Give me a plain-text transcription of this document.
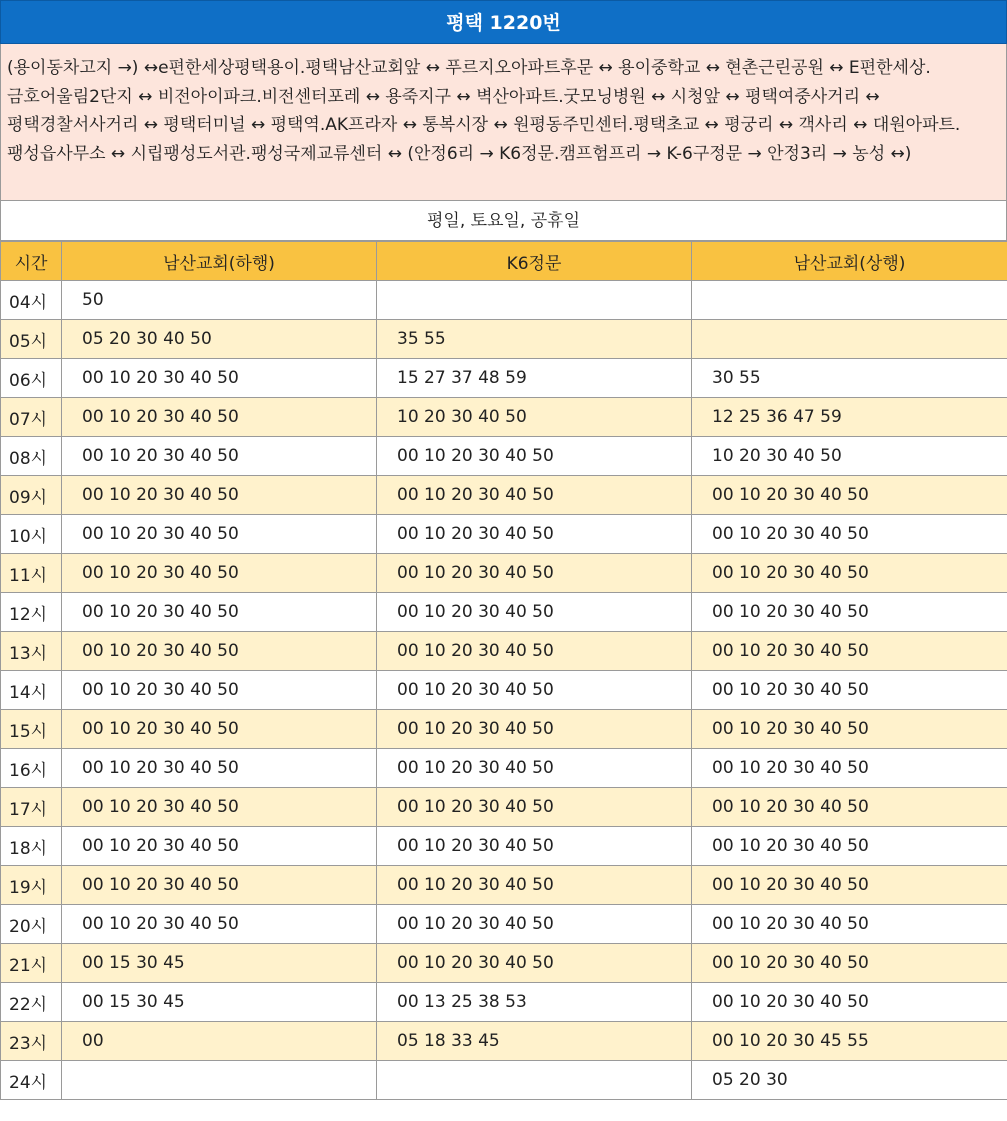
평택 1220번
(용이동차고지 →) ↔e편한세상평택용이.평택남산교회앞 ↔ 푸르지오아파트후문 ↔ 용이중학교 ↔ 현촌근린공원 ↔ E편한세상.금호어울림2단지 ↔ 비전아이파크.비전센터포레 ↔ 용죽지구 ↔ 벽산아파트.굿모닝병원 ↔ 시청앞 ↔ 평택여중사거리 ↔ 평택경찰서사거리 ↔ 평택터미널 ↔ 평택역.AK프라자 ↔ 통복시장 ↔ 원평동주민센터.평택초교 ↔ 평궁리 ↔ 객사리 ↔ 대원아파트.팽성읍사무소 ↔ 시립팽성도서관.팽성국제교류센터 ↔ (안정6리 → K6정문.캠프험프리 → K-6구정문 → 안정3리 → 농성 ↔)
평일, 토요일, 공휴일
시간	남산교회(하행)	K6정문	남산교회(상행)
04시	50		
05시	05 20 30 40 50	35 55	
06시	00 10 20 30 40 50	15 27 37 48 59	30 55
07시	00 10 20 30 40 50	10 20 30 40 50	12 25 36 47 59
08시	00 10 20 30 40 50	00 10 20 30 40 50	10 20 30 40 50
09시	00 10 20 30 40 50	00 10 20 30 40 50	00 10 20 30 40 50
10시	00 10 20 30 40 50	00 10 20 30 40 50	00 10 20 30 40 50
11시	00 10 20 30 40 50	00 10 20 30 40 50	00 10 20 30 40 50
12시	00 10 20 30 40 50	00 10 20 30 40 50	00 10 20 30 40 50
13시	00 10 20 30 40 50	00 10 20 30 40 50	00 10 20 30 40 50
14시	00 10 20 30 40 50	00 10 20 30 40 50	00 10 20 30 40 50
15시	00 10 20 30 40 50	00 10 20 30 40 50	00 10 20 30 40 50
16시	00 10 20 30 40 50	00 10 20 30 40 50	00 10 20 30 40 50
17시	00 10 20 30 40 50	00 10 20 30 40 50	00 10 20 30 40 50
18시	00 10 20 30 40 50	00 10 20 30 40 50	00 10 20 30 40 50
19시	00 10 20 30 40 50	00 10 20 30 40 50	00 10 20 30 40 50
20시	00 10 20 30 40 50	00 10 20 30 40 50	00 10 20 30 40 50
21시	00 15 30 45	00 10 20 30 40 50	00 10 20 30 40 50
22시	00 15 30 45	00 13 25 38 53	00 10 20 30 40 50
23시	00	05 18 33 45	00 10 20 30 45 55
24시			05 20 30
